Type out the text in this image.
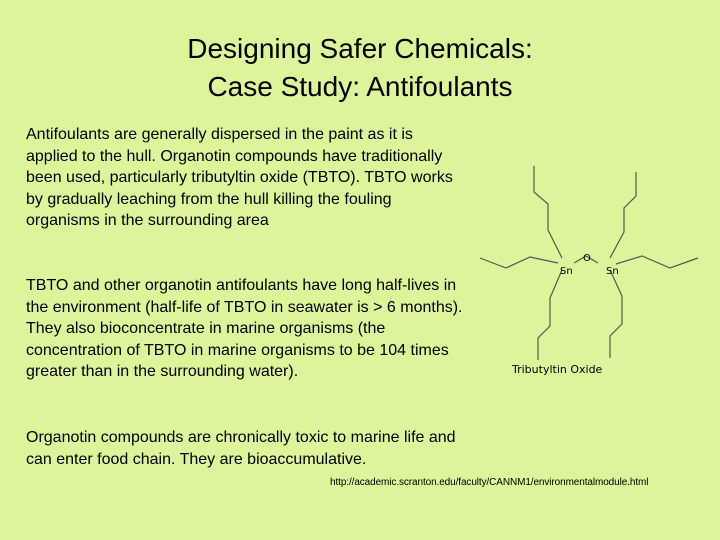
Designing Safer Chemicals:
Case Study: Antifoulants
Antifoulants are generally dispersed in the paint as it is applied to the hull. Organotin compounds have traditionally been used, particularly tributyltin oxide (TBTO). TBTO works by gradually leaching from the hull killing the fouling organisms in the surrounding area
TBTO and other organotin antifoulants have long half-lives in the environment (half-life of TBTO in seawater is > 6 months). They also bioconcentrate in marine organisms (the concentration of TBTO in marine organisms to be 104 times greater than in the surrounding water).
Organotin compounds are chronically toxic to marine life and can enter food chain. They are bioaccumulative.
http://academic.scranton.edu/faculty/CANNM1/environmentalmodule.html
Sn
O
Sn
Tributyltin Oxide
